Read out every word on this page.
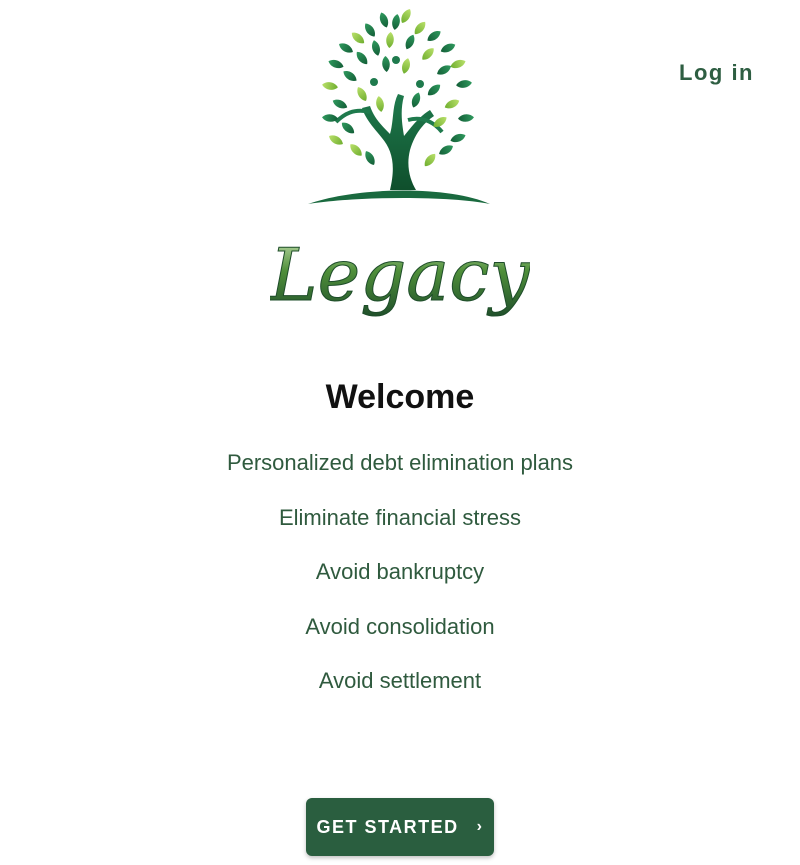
Log in
Legacy
Welcome
Personalized debt elimination plans
Eliminate financial stress
Avoid bankruptcy
Avoid consolidation
Avoid settlement
GET STARTED ›
